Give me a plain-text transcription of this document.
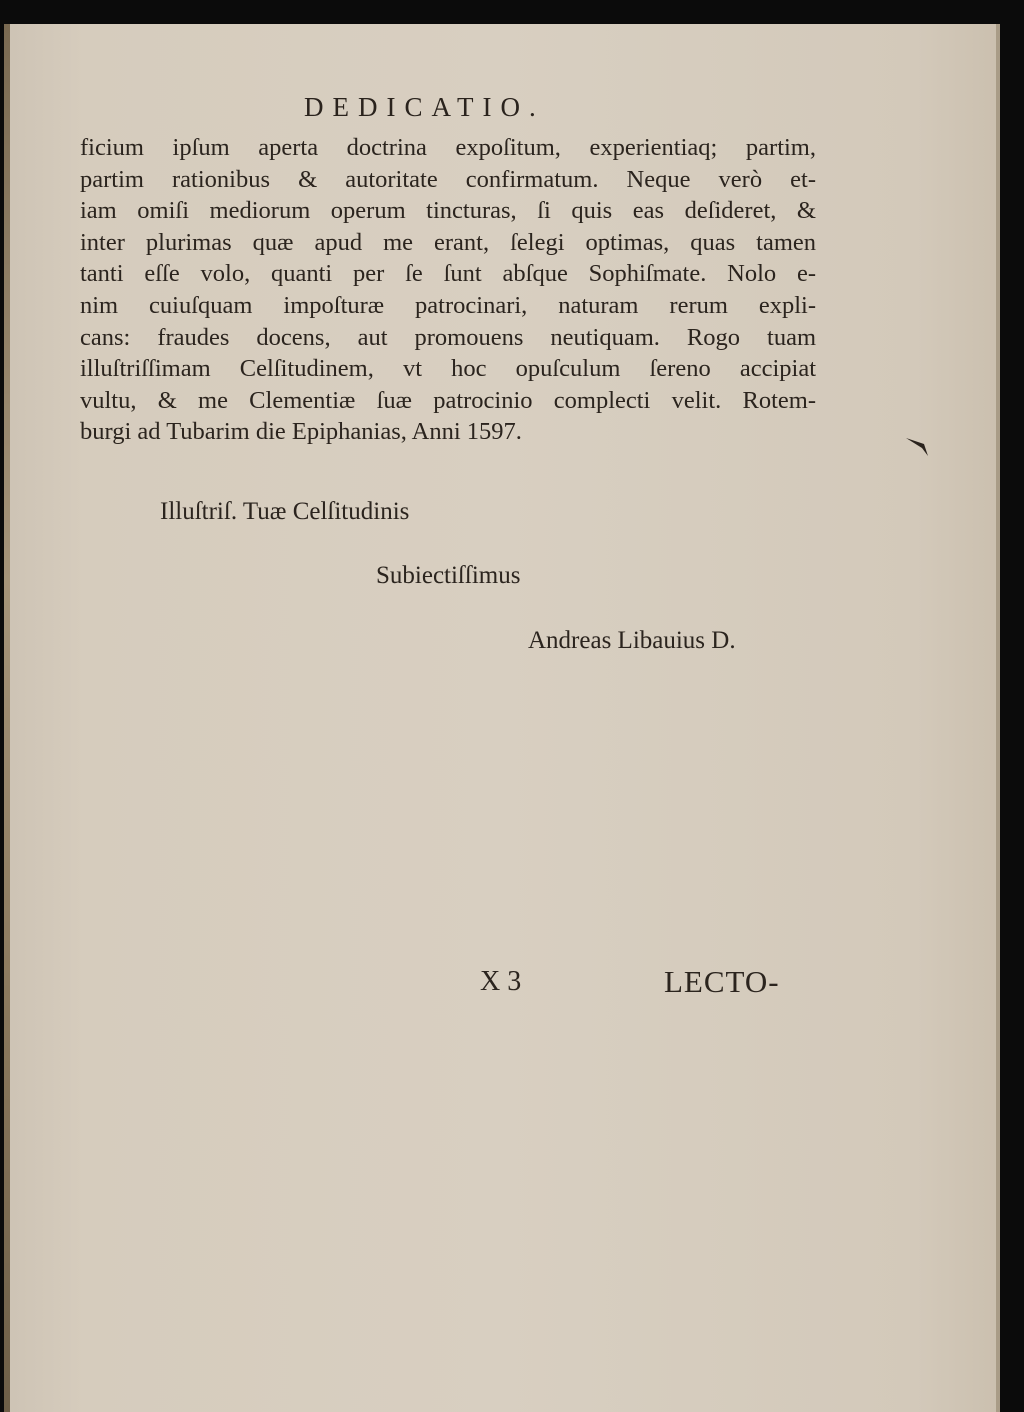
DEDICATIO.
ficium ipſum aperta doctrina expoſitum, experientiaq; partim,
partim rationibus & autoritate confirmatum. Neque verò et-
iam omiſi mediorum operum tincturas, ſi quis eas deſideret, &
inter plurimas quæ apud me erant, ſelegi optimas, quas tamen
tanti eſſe volo, quanti per ſe ſunt abſque Sophiſmate. Nolo e-
nim cuiuſquam impoſturæ patrocinari, naturam rerum expli-
cans: fraudes docens, aut promouens neutiquam. Rogo tuam
illuſtriſſimam Celſitudinem, vt hoc opuſculum ſereno accipiat
vultu, & me Clementiæ ſuæ patrocinio complecti velit. Rotem-
burgi ad Tubarim die Epiphanias, Anni 1597.
Illuſtriſ. Tuæ Celſitudinis
Subiectiſſimus
Andreas Libauius D.
X 3	LECTO-
